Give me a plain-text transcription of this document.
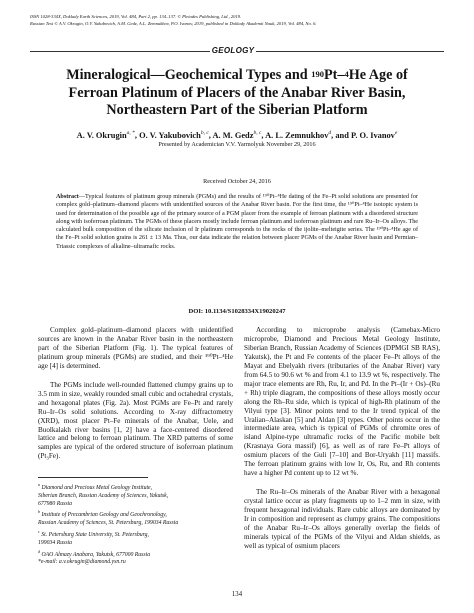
ISSN 1028-334X, Doklady Earth Sciences, 2019, Vol. 484, Part 2, pp. 134–137. © Pleiades Publishing, Ltd., 2019.
Russian Text © A.V. Okrugin, O.V. Yakubovich, A.M. Gedz, A.L. Zemnukhov, P.O. Ivanov, 2019, published in Doklady Akademii Nauk, 2019, Vol. 484, No. 6.
GEOLOGY
Mineralogical—Geochemical Types and $^{190}$Pt–$^4$He Age of Ferroan Platinum of Placers of the Anabar River Basin, Northeastern Part of the Siberian Platform
A. V. Okrugin$^{a, *}$, O. V. Yakubovich$^{b, c}$, A. M. Gedz$^{b, c}$, A. L. Zemnukhov$^d$, and P. O. Ivanov$^e$
Presented by Academician V.V. Yarmolyuk November 29, 2016
Received October 24, 2016
Abstract—Typical features of platinum group minerals (PGMs) and the results of ¹⁹⁰Pt–⁴He dating of the Fe–Pt solid solutions are presented for complex gold–platinum–diamond placers with unidentified sources of the Anabar River basin. For the first time, the ¹⁹⁰Pt–⁴He isotopic system is used for determination of the possible age of the primary source of a PGM placer from the example of ferroan platinum with a disordered structure along with isoferroan platinum. The PGMs of these placers mostly include ferroan platinum and isoferroan platinum and rare Ru–Ir–Os alloys. The calculated bulk composition of the silicate inclusion of Ir platinum corresponds to the rocks of the ijolite–melteigite series. The ¹⁹⁰Pt–⁴He age of the Fe–Pt solid solution grains is 261 ± 13 Ma. Thus, our data indicate the relation between placer PGMs of the Anabar River basin and Permian–Triassic complexes of alkaline–ultramafic rocks.
DOI: 10.1134/S1028334X19020247

Complex gold–platinum–diamond placers with unidentified sources are known in the Anabar River basin in the northeastern part of the Siberian Platform (Fig. 1). The typical features of platinum group minerals (PGMs) are studied, and their ¹⁹⁰Pt–⁴He age [4] is determined.

The PGMs include well-rounded flattened clumpy grains up to 3.5 mm in size, weakly rounded small cubic and octahedral crystals, and hexagonal plates (Fig. 2a). Most PGMs are Fe–Pt and rarely Ru–Ir–Os solid solutions. According to X-ray diffractometry (XRD), most placer Pt–Fe minerals of the Anabar, Uele, and Buolkalakh river basins [1, 2] have a face-centered disordered lattice and belong to ferroan platinum. The XRD patterns of some samples are typical of the ordered structure of isoferroan platinum (Pt₃Fe).

$^a$ Diamond and Precious Metal Geology Institute,
Siberian Branch, Russian Academy of Sciences, Yakutsk,
677980 Russia
$^b$ Institute of Precambrian Geology and Geochronology,
Russian Academy of Sciences, St. Petersburg, 199034 Russia
$^c$ St. Petersburg State University, St. Petersburg,
199034 Russia
$^d$ OAO Almazy Anabara, Yakutsk, 677000 Russia
*e-mail: a.v.okrugin@diamond.ysn.ru

According to microprobe analysis (Camebax-Micro microprobe, Diamond and Precious Metal Geology Institute, Siberian Branch, Russian Academy of Sciences (DPMGI SB RAS), Yakutsk), the Pt and Fe contents of the placer Fe–Pt alloys of the Mayat and Ebelyakh rivers (tributaries of the Anabar River) vary from 64.5 to 90.6 wt % and from 4.1 to 13.9 wt %, respectively. The major trace elements are Rh, Ru, Ir, and Pd. In the Pt–(Ir + Os)–(Ru + Rh) triple diagram, the compositions of these alloys mostly occur along the Rh–Ru side, which is typical of high-Rh platinum of the Vilyui type [3]. Minor points tend to the Ir trend typical of the Uralian–Alaskan [5] and Aldan [3] types. Other points occur in the intermediate area, which is typical of PGMs of chromite ores of island Alpine-type ultramafic rocks of the Pacific mobile belt (Krasnaya Gora massif) [6], as well as of rare Fe–Pt alloys of osmium placers of the Guli [7–10] and Bor-Uryakh [11] massifs. The ferroan platinum grains with low Ir, Os, Ru, and Rh contents have a higher Pd content up to 12 wt %.

The Ru–Ir–Os minerals of the Anabar River with a hexagonal crystal lattice occur as platy fragments up to 1–2 mm in size, with frequent hexagonal individuals. Rare cubic alloys are dominated by Ir in composition and represent as clumpy grains. The compositions of the Anabar Ru–Ir–Os alloys generally overlap the fields of minerals typical of the PGMs of the Vilyui and Aldan shields, as well as typical of osmium placers

134
